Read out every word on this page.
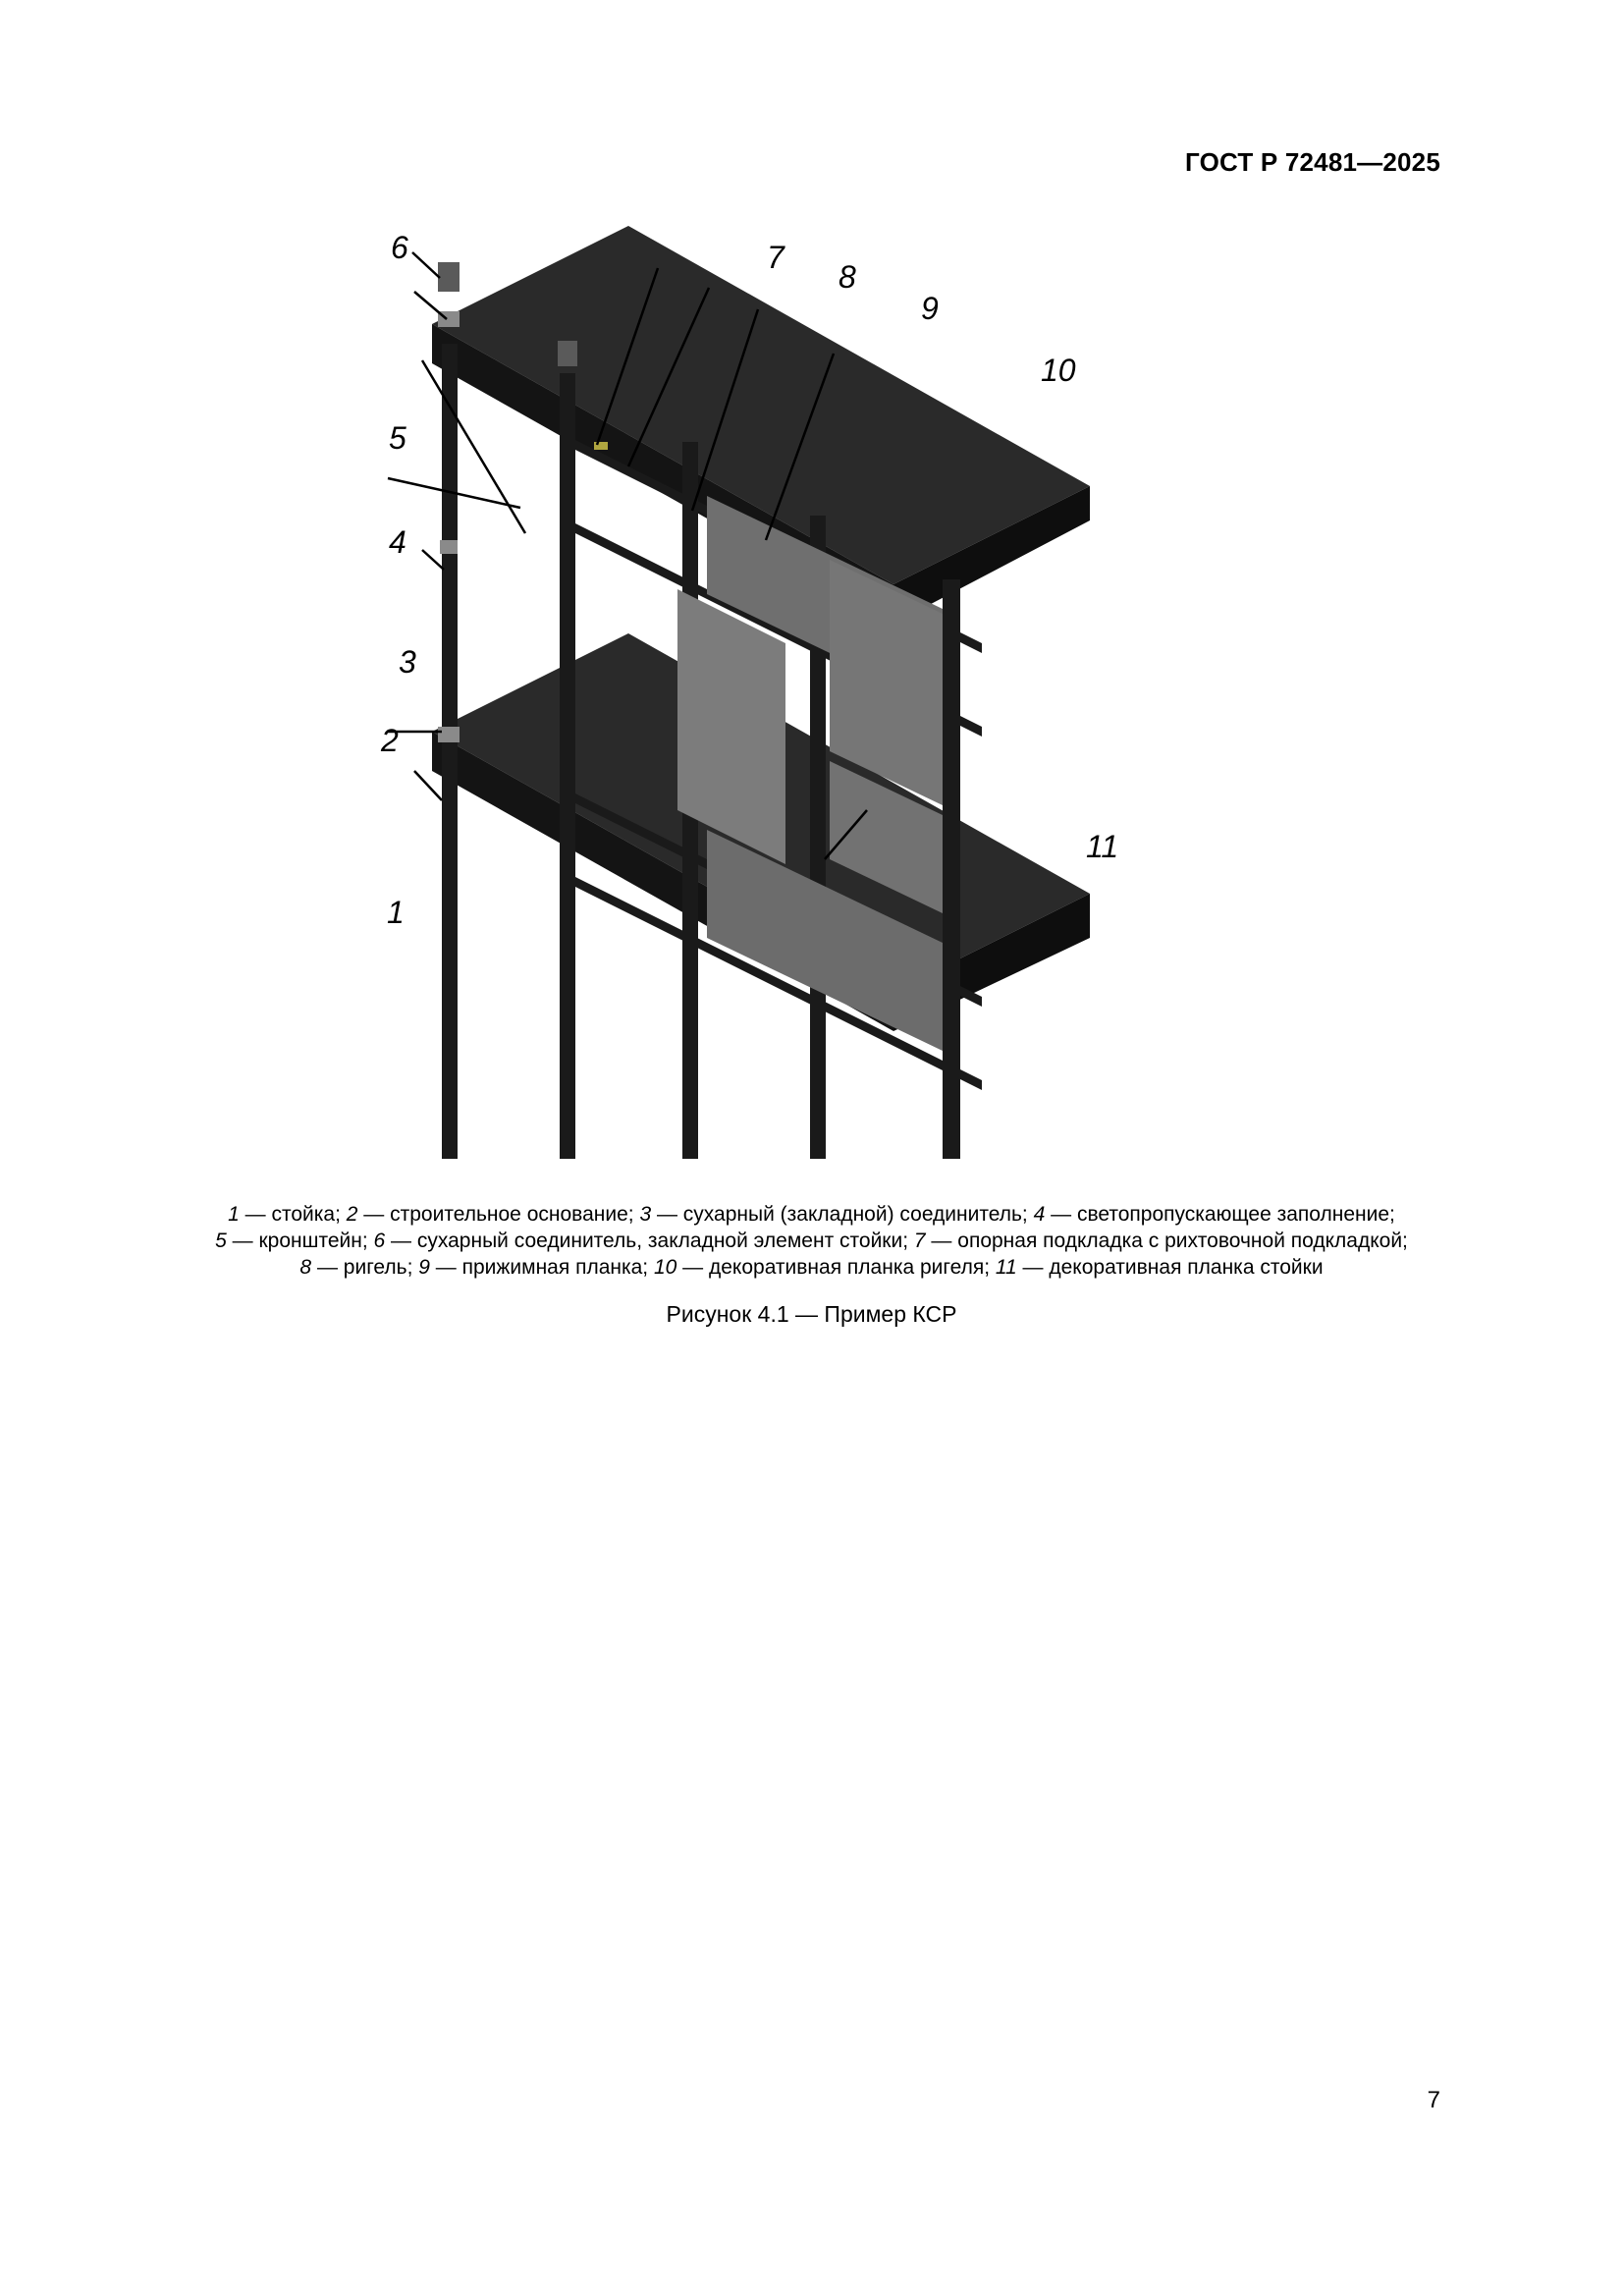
ГОСТ Р 72481—2025
6
5
4
3
2
1
7
8
9
10
11
1 — стойка; 2 — строительное основание; 3 — сухарный (закладной) соединитель; 4 — светопропускающее заполнение;
5 — кронштейн; 6 — сухарный соединитель, закладной элемент стойки; 7 — опорная подкладка с рихтовочной подкладкой;
8 — ригель; 9 — прижимная планка; 10 — декоративная планка ригеля; 11 — декоративная планка стойки
Рисунок 4.1 — Пример КСР
7
